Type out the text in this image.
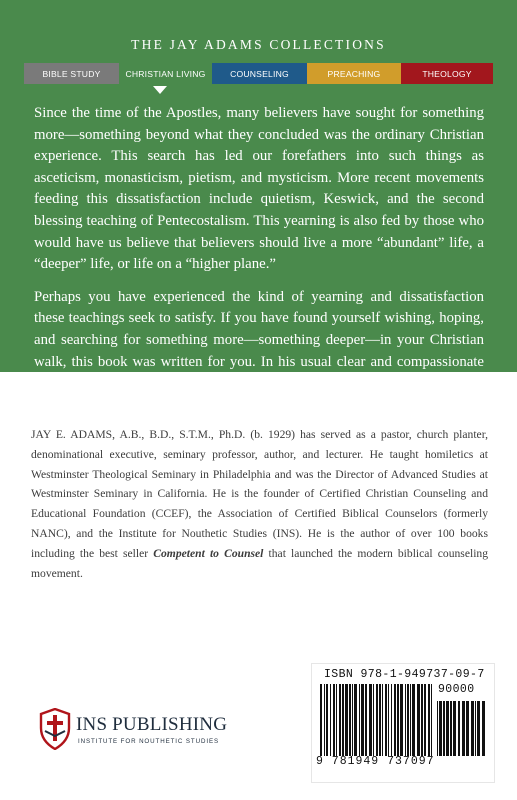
THE JAY ADAMS COLLECTIONS
BIBLE STUDY	CHRISTIAN LIVING	COUNSELING	PREACHING	THEOLOGY

Since the time of the Apostles, many believers have sought for something more—something beyond what they concluded was the ordinary Christian experience. This search has led our forefathers into such things as asceticism, monasticism, pietism, and mysticism. More recent movements feeding this dissatisfaction include quietism, Keswick, and the second blessing teaching of Pentecostalism. This yearning is also fed by those who would have us believe that believers should live a more “abundant” life, a “deeper” life, or life on a “higher plane.”

Perhaps you have experienced the kind of yearning and dissatisfaction these teachings seek to satisfy. If you have found yourself wishing, hoping, and searching for something more—something deeper—in your Christian walk, this book was written for you. In his usual clear and compassionate style, Jay Adams explains how you can bring your quest for something more to a satisfying end.

JAY E. ADAMS, A.B., B.D., S.T.M., Ph.D. (b. 1929) has served as a pastor, church planter, denominational executive, seminary professor, author, and lecturer. He taught homiletics at Westminster Theological Seminary in Philadelphia and was the Director of Advanced Studies at Westminster Seminary in California. He is the founder of Certified Christian Counseling and Educational Foundation (CCEF), the Association of Certified Biblical Counselors (formerly NANC), and the Institute for Nouthetic Studies (INS). He is the author of over 100 books including the best seller Competent to Counsel that launched the modern biblical counseling movement.

ISBN 978-1-949737-09-7
90000
9 781949 737097
INS PUBLISHING
INSTITUTE FOR NOUTHETIC STUDIES
